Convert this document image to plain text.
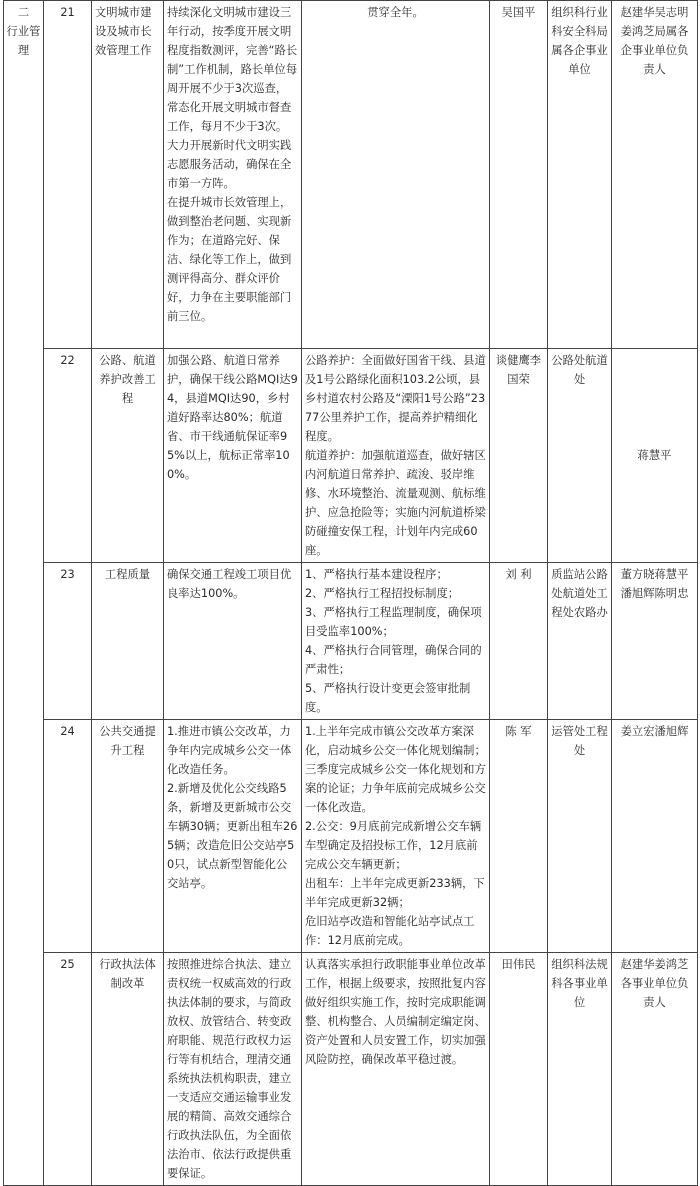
二
行业管理	21	文明城市建设及城市长效管理工作	持续深化文明城市建设三年行动，按季度开展文明程度指数测评，完善“路长制”工作机制，路长单位每周开展不少于3次巡查，常态化开展文明城市督查工作，每月不少于3次。大力开展新时代文明实践志愿服务活动，确保在全市第一方阵。
在提升城市长效管理上，做到整治老问题、实现新作为；在道路完好、保洁、绿化等工作上，做到测评得高分、群众评价好，力争在主要职能部门前三位。	贯穿全年。	吴国平	组织科行业科安全科局属各企事业单位	赵建华吴志明姜鸿芝局属各企事业单位负责人
	22	公路、航道养护改善工程	加强公路、航道日常养护，确保干线公路MQI达94，县道MQI达90，乡村道好路率达80%；航道省、市干线通航保证率95%以上，航标正常率100%。	公路养护：全面做好国省干线、县道及1号公路绿化面积103.2公顷，县乡村道农村公路及“溧阳1号公路”2377公里养护工作，提高养护精细化程度。
航道养护：加强航道巡查，做好辖区内河航道日常养护、疏浚、驳岸维修、水环境整治、流量观测、航标维护、应急抢险等；实施内河航道桥梁防碰撞安保工程，计划年内完成60座。	谈健鹰李国荣	公路处航道处	蒋慧平
	23	工程质量	确保交通工程竣工项目优良率达100%。	1、严格执行基本建设程序；
2、严格执行工程招投标制度；
3、严格执行工程监理制度，确保项目受监率100%；
4、严格执行合同管理，确保合同的严肃性；
5、严格执行设计变更会签审批制度。	刘 利	质监站公路处航道处工程处农路办	董方晓蒋慧平潘旭辉陈明忠
	24	公共交通提升工程	1.推进市镇公交改革，力争年内完成城乡公交一体化改造任务。
2.新增及优化公交线路5条，新增及更新城市公交车辆30辆；更新出租车265辆；改造危旧公交站亭50只，试点新型智能化公交站亭。	1.上半年完成市镇公交改革方案深化，启动城乡公交一体化规划编制；三季度完成城乡公交一体化规划和方案的论证；力争年底前完成城乡公交一体化改造。
2.公交：9月底前完成新增公交车辆车型确定及招投标工作，12月底前完成公交车辆更新；
出租车：上半年完成更新233辆，下半年完成更新32辆；
危旧站亭改造和智能化站亭试点工作：12月底前完成。	陈 军	运管处工程处	姜立宏潘旭辉
	25	行政执法体制改革	按照推进综合执法、建立责权统一权威高效的行政执法体制的要求，与简政放权、放管结合、转变政府职能、规范行政权力运行等有机结合，理清交通系统执法机构职责，建立一支适应交通运输事业发展的精简、高效交通综合行政执法队伍，为全面依法治市、依法行政提供重要保证。	认真落实承担行政职能事业单位改革工作，根据上级要求，按照批复内容做好组织实施工作，按时完成职能调整、机构整合、人员编制定编定岗、资产处置和人员安置工作，切实加强风险防控，确保改革平稳过渡。	田伟民	组织科法规科各事业单位	赵建华姜鸿芝各事业单位负责人
